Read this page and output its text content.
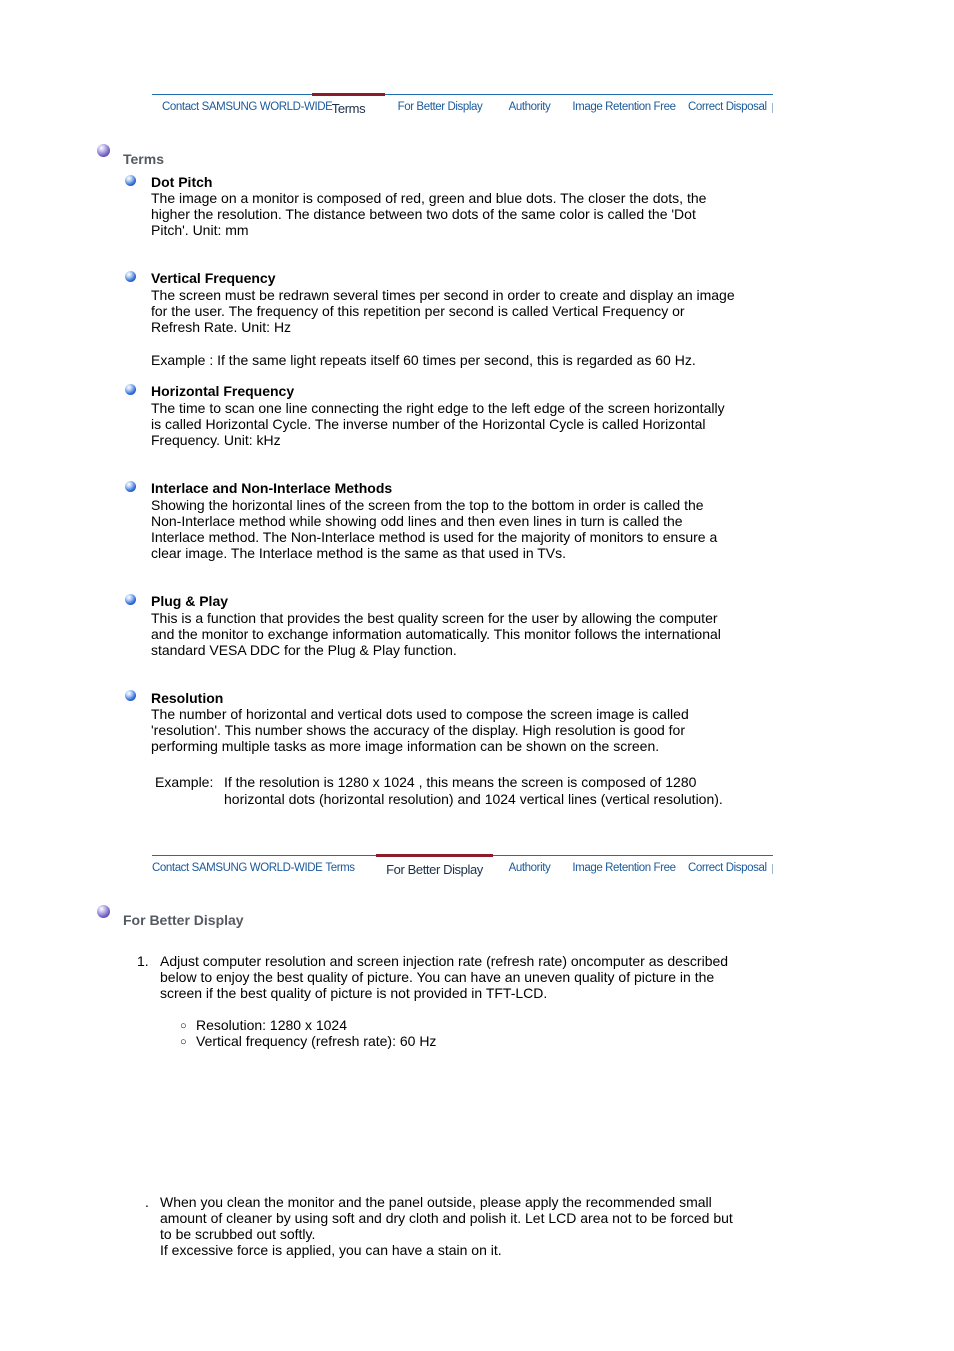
Contact SAMSUNG WORLD-WIDE Terms	For Better Display	Authority	Image Retention Free Correct Disposal
Terms
Dot Pitch
The image on a monitor is composed of red, green and blue dots. The closer the dots, the
higher the resolution. The distance between two dots of the same color is called the 'Dot
Pitch'. Unit: mm
Vertical Frequency
The screen must be redrawn several times per second in order to create and display an image
for the user. The frequency of this repetition per second is called Vertical Frequency or
Refresh Rate. Unit: Hz
Example : If the same light repeats itself 60 times per second, this is regarded as 60 Hz.
Horizontal Frequency
The time to scan one line connecting the right edge to the left edge of the screen horizontally
is called Horizontal Cycle. The inverse number of the Horizontal Cycle is called Horizontal
Frequency. Unit: kHz
Interlace and Non-Interlace Methods
Showing the horizontal lines of the screen from the top to the bottom in order is called the
Non-Interlace method while showing odd lines and then even lines in turn is called the
Interlace method. The Non-Interlace method is used for the majority of monitors to ensure a
clear image. The Interlace method is the same as that used in TVs.
Plug & Play
This is a function that provides the best quality screen for the user by allowing the computer
and the monitor to exchange information automatically. This monitor follows the international
standard VESA DDC for the Plug & Play function.
Resolution
The number of horizontal and vertical dots used to compose the screen image is called
'resolution'. This number shows the accuracy of the display. High resolution is good for
performing multiple tasks as more image information can be shown on the screen.
Example: If the resolution is 1280 x 1024 , this means the screen is composed of 1280
horizontal dots (horizontal resolution) and 1024 vertical lines (vertical resolution).
Contact SAMSUNG WORLD-WIDE Terms	For Better Display	Authority	Image Retention Free Correct Disposal
For Better Display
1. Adjust computer resolution and screen injection rate (refresh rate) oncomputer as described
below to enjoy the best quality of picture. You can have an uneven quality of picture in the
screen if the best quality of picture is not provided in TFT-LCD.
○ Resolution: 1280 x 1024
○ Vertical frequency (refresh rate): 60 Hz
. When you clean the monitor and the panel outside, please apply the recommended small
amount of cleaner by using soft and dry cloth and polish it. Let LCD area not to be forced but
to be scrubbed out softly.
If excessive force is applied, you can have a stain on it.
